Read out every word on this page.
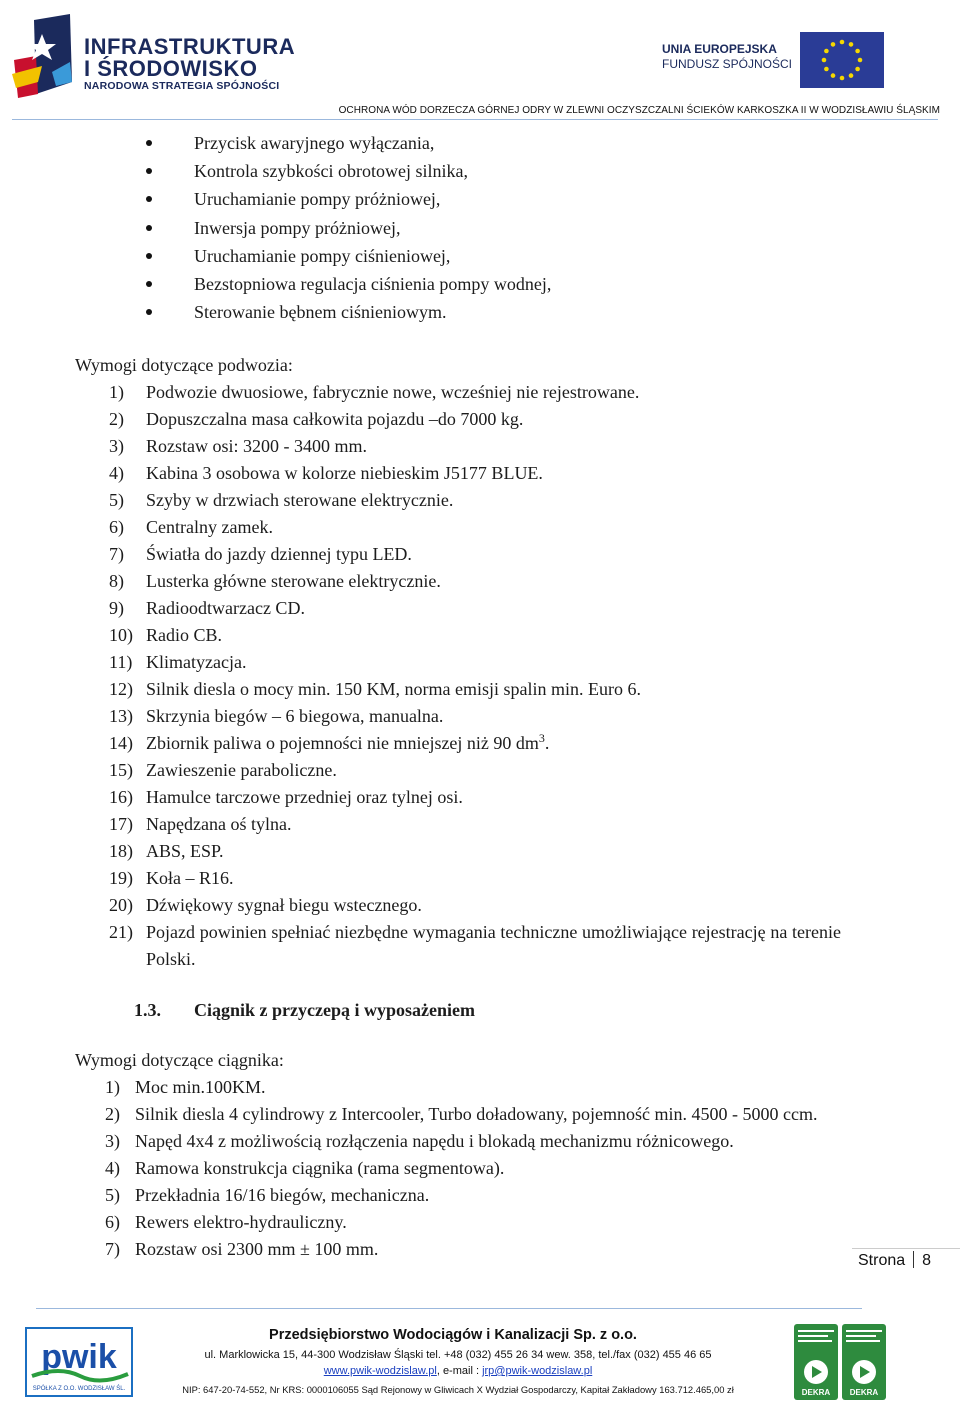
INFRASTRUKTURA
I ŚRODOWISKO
NARODOWA STRATEGIA SPÓJNOŚCI
UNIA EUROPEJSKA
FUNDUSZ SPÓJNOŚCI
OCHRONA WÓD DORZECZA GÓRNEJ ODRY W ZLEWNI OCZYSZCZALNI ŚCIEKÓW KARKOSZKA II W WODZISŁAWIU ŚLĄSKIM
Przycisk awaryjnego wyłączania,
Kontrola szybkości obrotowej silnika,
Uruchamianie pompy próżniowej,
Inwersja pompy próżniowej,
Uruchamianie pompy ciśnieniowej,
Bezstopniowa regulacja ciśnienia pompy wodnej,
Sterowanie bębnem ciśnieniowym.
Wymogi dotyczące podwozia:
1) Podwozie dwuosiowe, fabrycznie nowe, wcześniej nie rejestrowane.
2) Dopuszczalna masa całkowita pojazdu –do 7000 kg.
3) Rozstaw osi: 3200 - 3400 mm.
4) Kabina 3 osobowa w kolorze niebieskim J5177 BLUE.
5) Szyby w drzwiach sterowane elektrycznie.
6) Centralny zamek.
7) Światła do jazdy dziennej typu LED.
8) Lusterka główne sterowane elektrycznie.
9) Radioodtwarzacz CD.
10) Radio CB.
11) Klimatyzacja.
12) Silnik diesla o mocy min. 150 KM, norma emisji spalin min. Euro 6.
13) Skrzynia biegów – 6 biegowa, manualna.
14) Zbiornik paliwa o pojemności nie mniejszej niż 90 $dm^3$.
15) Zawieszenie paraboliczne.
16) Hamulce tarczowe przedniej oraz tylnej osi.
17) Napędzana oś tylna.
18) ABS, ESP.
19) Koła – R16.
20) Dźwiękowy sygnał biegu wstecznego.
21) Pojazd powinien spełniać niezbędne wymagania techniczne umożliwiające rejestrację na terenie Polski.
1.3. Ciągnik z przyczepą i wyposażeniem
Wymogi dotyczące ciągnika:
1) Moc min.100KM.
2) Silnik diesla 4 cylindrowy z Intercooler, Turbo doładowany, pojemność min. 4500 - 5000 ccm.
3) Napęd 4x4 z możliwością rozłączenia napędu i blokadą mechanizmu różnicowego.
4) Ramowa konstrukcja ciągnika (rama segmentowa).
5) Przekładnia 16/16 biegów, mechaniczna.
6) Rewers elektro-hydrauliczny.
7) Rozstaw osi 2300 mm ± 100 mm.
Strona 8
pwik
SPÓŁKA Z O.O. WODZISŁAW ŚL.
Przedsiębiorstwo Wodociągów i Kanalizacji Sp. z o.o.
ul. Marklowicka 15, 44-300 Wodzisław Śląski tel. +48 (032) 455 26 34 wew. 358, tel./fax (032) 455 46 65
www.pwik-wodzislaw.pl, e-mail : jrp@pwik-wodzislaw.pl
NIP: 647-20-74-552, Nr KRS: 0000106055 Sąd Rejonowy w Gliwicach X Wydział Gospodarczy, Kapitał Zakładowy 163.712.465,00 zł	DEKRA DEKRA
